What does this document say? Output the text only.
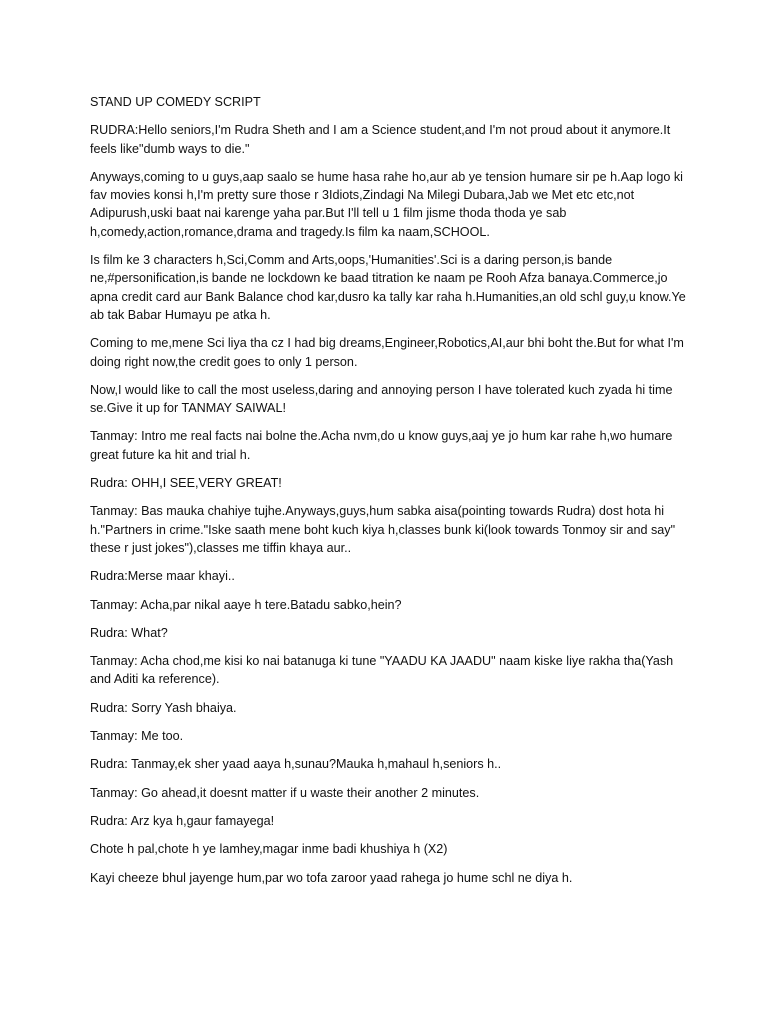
STAND UP COMEDY SCRIPT
RUDRA:Hello seniors,I'm Rudra Sheth and I am a Science student,and I'm not proud about it anymore.It feels like"dumb ways to die."
Anyways,coming to u guys,aap saalo se hume hasa rahe ho,aur ab ye tension humare sir pe h.Aap logo ki fav movies konsi h,I'm pretty sure those r 3Idiots,Zindagi Na Milegi Dubara,Jab we Met etc etc,not Adipurush,uski baat nai karenge yaha par.But I'll tell u 1 film jisme thoda thoda ye sab h,comedy,action,romance,drama and tragedy.Is film ka naam,SCHOOL.
Is film ke 3 characters h,Sci,Comm and Arts,oops,'Humanities'.Sci is a daring person,is bande ne,#personification,is bande ne lockdown ke baad titration ke naam pe Rooh Afza banaya.Commerce,jo apna credit card aur Bank Balance chod kar,dusro ka tally kar raha h.Humanities,an old schl guy,u know.Ye ab tak Babar Humayu pe atka h.
Coming to me,mene Sci liya tha cz I had big dreams,Engineer,Robotics,AI,aur bhi boht the.But for what I'm doing right now,the credit goes to only 1 person.
Now,I would like to call the most useless,daring and annoying person I have tolerated kuch zyada hi time se.Give it up for TANMAY SAIWAL!
Tanmay: Intro me real facts nai bolne the.Acha nvm,do u know guys,aaj ye jo hum kar rahe h,wo humare great future ka hit and trial h.
Rudra: OHH,I SEE,VERY GREAT!
Tanmay: Bas mauka chahiye tujhe.Anyways,guys,hum sabka aisa(pointing towards Rudra) dost hota hi h."Partners in crime."Iske saath mene boht kuch kiya h,classes bunk ki(look towards Tonmoy sir and say" these r just jokes"),classes me tiffin khaya aur..
Rudra:Merse maar khayi..
Tanmay: Acha,par nikal aaye h tere.Batadu sabko,hein?
Rudra: What?
Tanmay: Acha chod,me kisi ko nai batanuga ki tune "YAADU KA JAADU" naam kiske liye rakha tha(Yash and Aditi ka reference).
Rudra: Sorry Yash bhaiya.
Tanmay: Me too.
Rudra: Tanmay,ek sher yaad aaya h,sunau?Mauka h,mahaul h,seniors h..
Tanmay: Go ahead,it doesnt matter if u waste their another 2 minutes.
Rudra: Arz kya h,gaur famayega!
Chote h pal,chote h ye lamhey,magar inme badi khushiya h (X2)
Kayi cheeze bhul jayenge hum,par wo tofa zaroor yaad rahega jo hume schl ne diya h.
